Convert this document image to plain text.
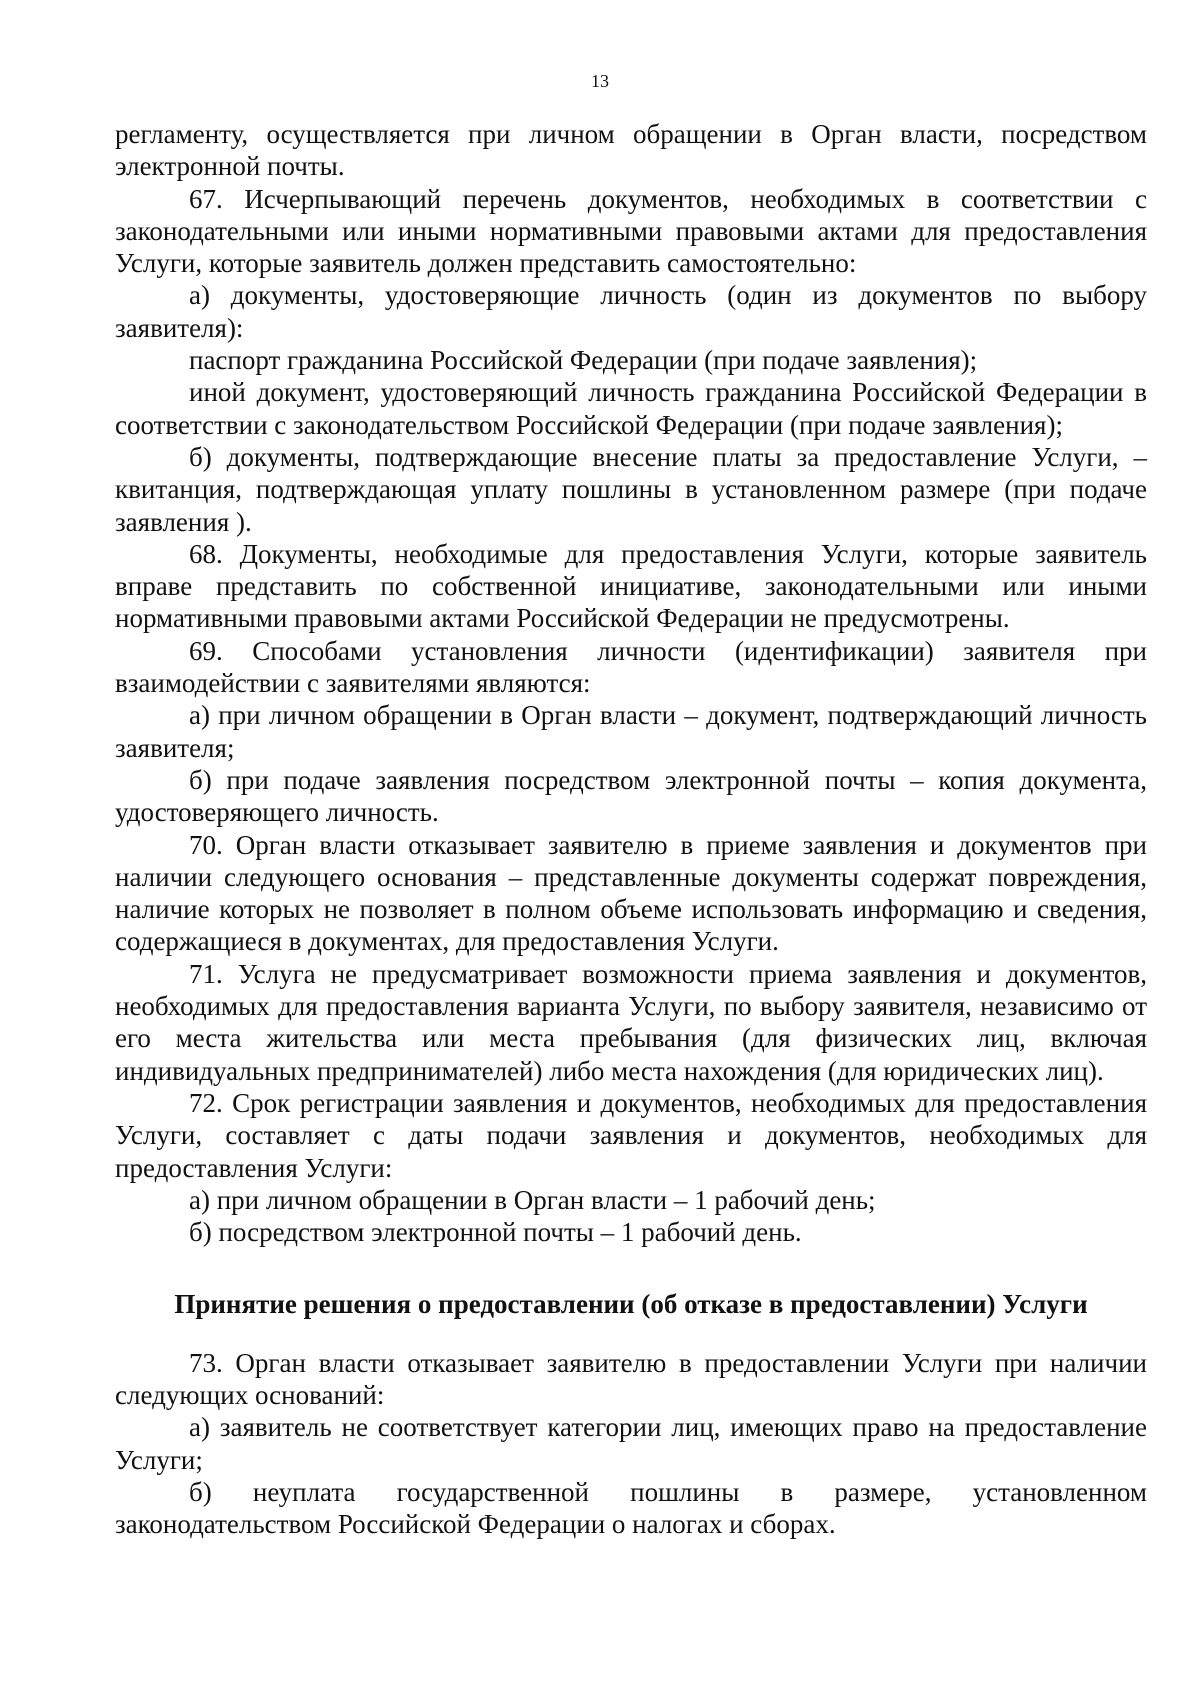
13

регламенту, осуществляется при личном обращении в Орган власти, посредством электронной почты.

67. Исчерпывающий перечень документов, необходимых в соответствии с законодательными или иными нормативными правовыми актами для предоставления Услуги, которые заявитель должен представить самостоятельно:

а) документы, удостоверяющие личность (один из документов по выбору заявителя):

паспорт гражданина Российской Федерации (при подаче заявления);

иной документ, удостоверяющий личность гражданина Российской Федерации в соответствии с законодательством Российской Федерации (при подаче заявления);

б) документы, подтверждающие внесение платы за предоставление Услуги, – квитанция, подтверждающая уплату пошлины в установленном размере (при подаче заявления ).

68. Документы, необходимые для предоставления Услуги, которые заявитель вправе представить по собственной инициативе, законодательными или иными нормативными правовыми актами Российской Федерации не предусмотрены.

69. Способами установления личности (идентификации) заявителя при взаимодействии с заявителями являются:

а) при личном обращении в Орган власти – документ, подтверждающий личность заявителя;

б) при подаче заявления посредством электронной почты – копия документа, удостоверяющего личность.

70. Орган власти отказывает заявителю в приеме заявления и документов при наличии следующего основания – представленные документы содержат повреждения, наличие которых не позволяет в полном объеме использовать информацию и сведения, содержащиеся в документах, для предоставления Услуги.

71. Услуга не предусматривает возможности приема заявления и документов, необходимых для предоставления варианта Услуги, по выбору заявителя, независимо от его места жительства или места пребывания (для физических лиц, включая индивидуальных предпринимателей) либо места нахождения (для юридических лиц).

72. Срок регистрации заявления и документов, необходимых для предоставления Услуги, составляет с даты подачи заявления и документов, необходимых для предоставления Услуги:

а) при личном обращении в Орган власти – 1 рабочий день;

б) посредством электронной почты – 1 рабочий день.

Принятие решения о предоставлении (об отказе в предоставлении) Услуги

73. Орган власти отказывает заявителю в предоставлении Услуги при наличии следующих оснований:

а) заявитель не соответствует категории лиц, имеющих право на предоставление Услуги;

б) неуплата государственной пошлины в размере, установленном законодательством Российской Федерации о налогах и сборах.
